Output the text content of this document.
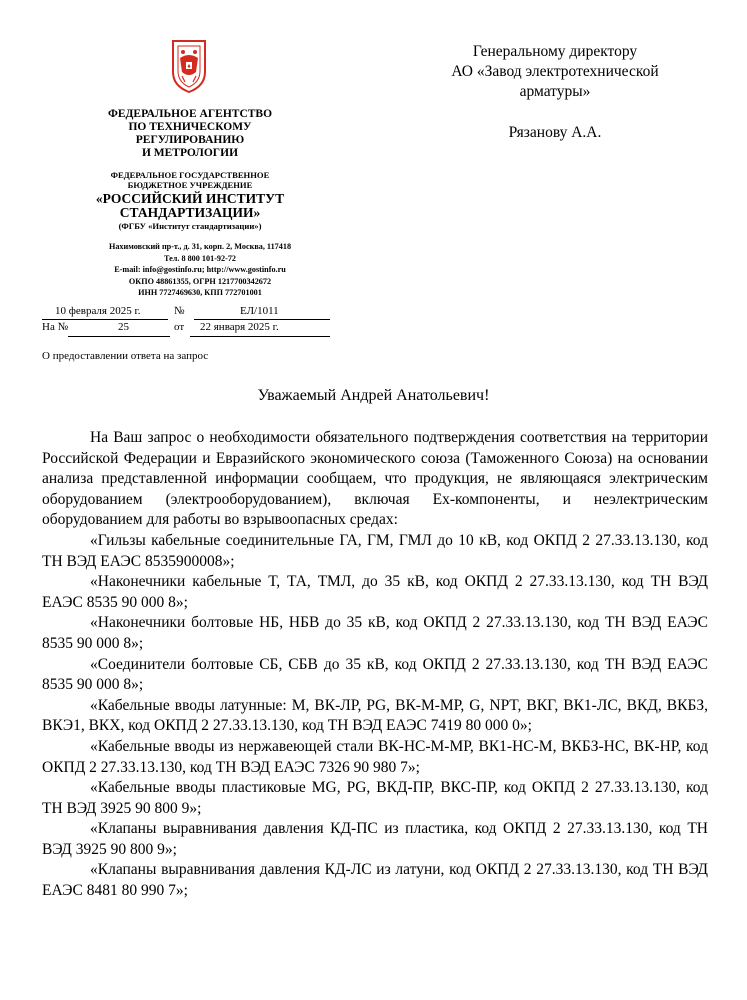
ФЕДЕРАЛЬНОЕ АГЕНТСТВО
ПО ТЕХНИЧЕСКОМУ
РЕГУЛИРОВАНИЮ
И МЕТРОЛОГИИ
ФЕДЕРАЛЬНОЕ ГОСУДАРСТВЕННОЕ
БЮДЖЕТНОЕ УЧРЕЖДЕНИЕ
«РОССИЙСКИЙ ИНСТИТУТ
СТАНДАРТИЗАЦИИ»
(ФГБУ «Институт стандартизации»)
Нахимовский пр-т., д. 31, корп. 2, Москва, 117418
Тел. 8 800 101-92-72
E-mail: info@gostinfo.ru; http://www.gostinfo.ru
ОКПО 48861355, ОГРН 1217700342672
ИНН 7727469630, КПП 772701001
10 февраля 2025 г.	№	ЕЛ/1011
На №	25	от 22 января 2025 г.
Генеральному директору
АО «Завод электротехнической
арматуры»
Рязанову А.А.
О предоставлении ответа на запрос
Уважаемый Андрей Анатольевич!

На Ваш запрос о необходимости обязательного подтверждения соответствия на территории Российской Федерации и Евразийского экономического союза (Таможенного Союза) на основании анализа представленной информации сообщаем, что продукция, не являющаяся электрическим оборудованием (электрооборудованием), включая Ex-компоненты, и неэлектрическим оборудованием для работы во взрывоопасных средах:

«Гильзы кабельные соединительные ГА, ГМ, ГМЛ до 10 кВ, код ОКПД 2 27.33.13.130, код ТН ВЭД ЕАЭС 8535900008»;

«Наконечники кабельные Т, ТА, ТМЛ, до 35 кВ, код ОКПД 2 27.33.13.130, код ТН ВЭД ЕАЭС 8535 90 000 8»;

«Наконечники болтовые НБ, НБВ до 35 кВ, код ОКПД 2 27.33.13.130, код ТН ВЭД ЕАЭС 8535 90 000 8»;

«Соединители болтовые СБ, СБВ до 35 кВ, код ОКПД 2 27.33.13.130, код ТН ВЭД ЕАЭС 8535 90 000 8»;

«Кабельные вводы латунные: M, ВК-ЛР, PG, ВК-М-МР, G, NPT, ВКГ, ВК1-ЛС, ВКД, ВКБЗ, ВКЭ1, ВКХ, код ОКПД 2 27.33.13.130, код ТН ВЭД ЕАЭС 7419 80 000 0»;

«Кабельные вводы из нержавеющей стали ВК-НС-М-МР, ВК1-НС-М, ВКБЗ-НС, ВК-НР, код ОКПД 2 27.33.13.130, код ТН ВЭД ЕАЭС 7326 90 980 7»;

«Кабельные вводы пластиковые MG, PG, ВКД-ПР, ВКС-ПР, код ОКПД 2 27.33.13.130, код ТН ВЭД 3925 90 800 9»;

«Клапаны выравнивания давления КД-ПС из пластика, код ОКПД 2 27.33.13.130, код ТН ВЭД 3925 90 800 9»;

«Клапаны выравнивания давления КД-ЛС из латуни, код ОКПД 2 27.33.13.130, код ТН ВЭД ЕАЭС 8481 80 990 7»;
